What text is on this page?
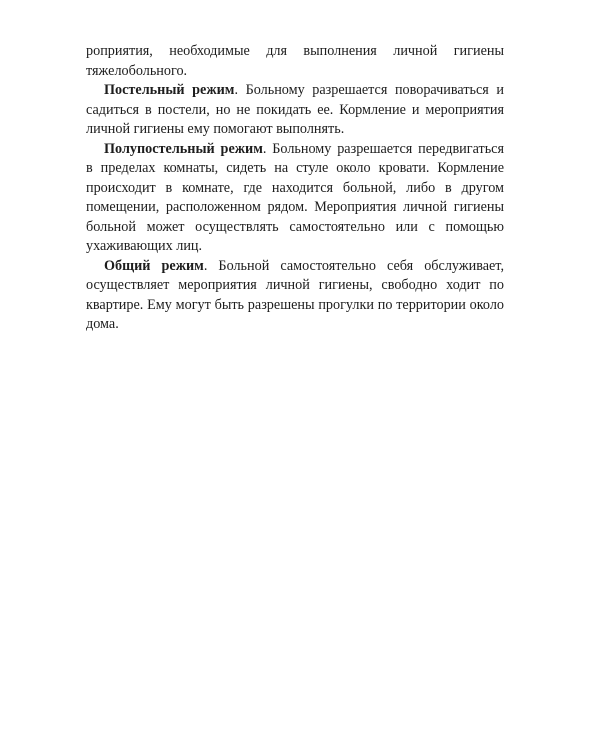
роприятия, необходимые для выполнения личной гигиены тяжелобольного.

Постельный режим. Больному разрешается поворачиваться и садиться в постели, но не покидать ее. Кормление и мероприятия личной гигиены ему помогают выполнять.

Полупостельный режим. Больному разрешается передвигаться в пределах комнаты, сидеть на стуле около кровати. Кормление происходит в комнате, где находится больной, либо в другом помещении, расположенном рядом. Мероприятия личной гигиены больной может осуществлять самостоятельно или с помощью ухаживающих лиц.

Общий режим. Больной самостоятельно себя обслуживает, осуществляет мероприятия личной гигиены, свободно ходит по квартире. Ему могут быть разрешены прогулки по территории около дома.
